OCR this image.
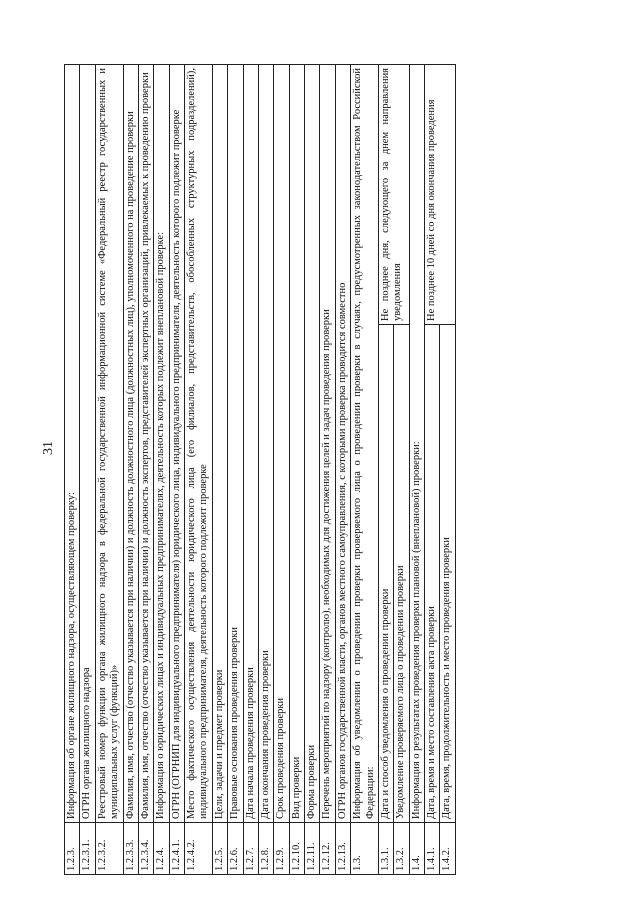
31
1.2.3.	Информация об органе жилищного надзора, осуществляющем проверку:	
1.2.3.1.	ОГРН органа жилищного надзора	
1.2.3.2.	Реестровый номер функции органа жилищного надзора в федеральной государственной информационной системе «Федеральный реестр государственных и муниципальных услуг (функций)»	
1.2.3.3.	Фамилия, имя, отчество (отчество указывается при наличии) и должность должностного лица (должностных лиц), уполномоченного на проведение проверки	
1.2.3.4.	Фамилия, имя, отчество (отчество указывается при наличии) и должность экспертов, представителей экспертных организаций, привлекаемых к проведению проверки	
1.2.4.	Информация о юридических лицах и индивидуальных предпринимателях, деятельность которых подлежит внеплановой проверке:	
1.2.4.1.	ОГРН (ОГРНИП для индивидуального предпринимателя) юридического лица, индивидуального предпринимателя, деятельность которого подлежит проверке	
1.2.4.2.	Место фактического осуществления деятельности юридического лица (его филиалов, представительств, обособленных структурных подразделений), индивидуального предпринимателя, деятельность которого подлежит проверке	
1.2.5.	Цели, задачи и предмет проверки	
1.2.6.	Правовые основания проведения проверки	
1.2.7.	Дата начала проведения проверки	
1.2.8.	Дата окончания проведения проверки	
1.2.9.	Срок проведения проверки	
1.2.10.	Вид проверки	
1.2.11.	Форма проверки	
1.2.12.	Перечень мероприятий по надзору (контролю), необходимых для достижения целей и задач проведения проверки	
1.2.13.	ОГРН органов государственной власти, органов местного самоуправления, с которыми проверка проводится совместно	
1.3.	Информация об уведомлении о проведении проверки проверяемого лица о проведении проверки в случаях, предусмотренных законодательством Российской Федерации:	
1.3.1.	Дата и способ уведомления о проведении проверки	Не позднее дня, следующего за днем направления уведомления
1.3.2.	Уведомление проверяемого лица о проведении проверки	
1.4.	Информация о результатах проведения проверки плановой (внеплановой) проверки:	
1.4.1.	Дата, время и место составления акта проверки	Не позднее 10 дней со дня окончания проведения
1.4.2.	Дата, время, продолжительность и место проведения проверки	
